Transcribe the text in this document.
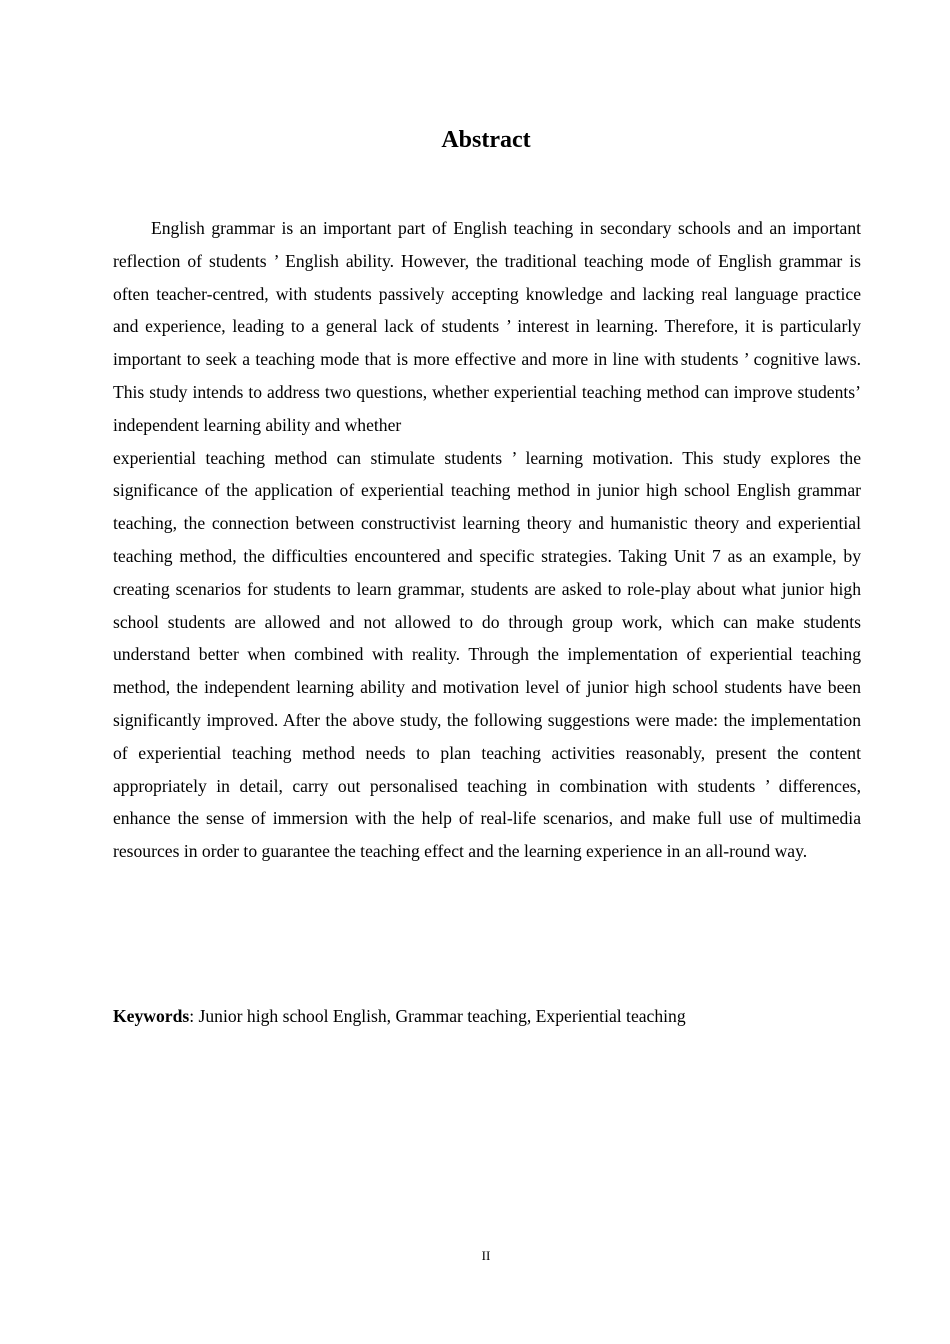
Abstract

English grammar is an important part of English teaching in secondary schools and an important reflection of students ’ English ability. However, the traditional teaching mode of English grammar is often teacher-centred, with students passively accepting knowledge and lacking real language practice and experience, leading to a general lack of students ’ interest in learning. Therefore, it is particularly important to seek a teaching mode that is more effective and more in line with students ’ cognitive laws. This study intends to address two questions, whether experiential teaching method can improve students’ independent learning ability and whether

experiential teaching method can stimulate students ’ learning motivation. This study explores the significance of the application of experiential teaching method in junior high school English grammar teaching, the connection between constructivist learning theory and humanistic theory and experiential teaching method, the difficulties encountered and specific strategies. Taking Unit 7 as an example, by creating scenarios for students to learn grammar, students are asked to role-play about what junior high school students are allowed and not allowed to do through group work, which can make students understand better when combined with reality. Through the implementation of experiential teaching method, the independent learning ability and motivation level of junior high school students have been significantly improved. After the above study, the following suggestions were made: the implementation of experiential teaching method needs to plan teaching activities reasonably, present the content appropriately in detail, carry out personalised teaching in combination with students ’ differences, enhance the sense of immersion with the help of real-life scenarios, and make full use of multimedia resources in order to guarantee the teaching effect and the learning experience in an all-round way.

Keywords: Junior high school English, Grammar teaching, Experiential teaching

II
